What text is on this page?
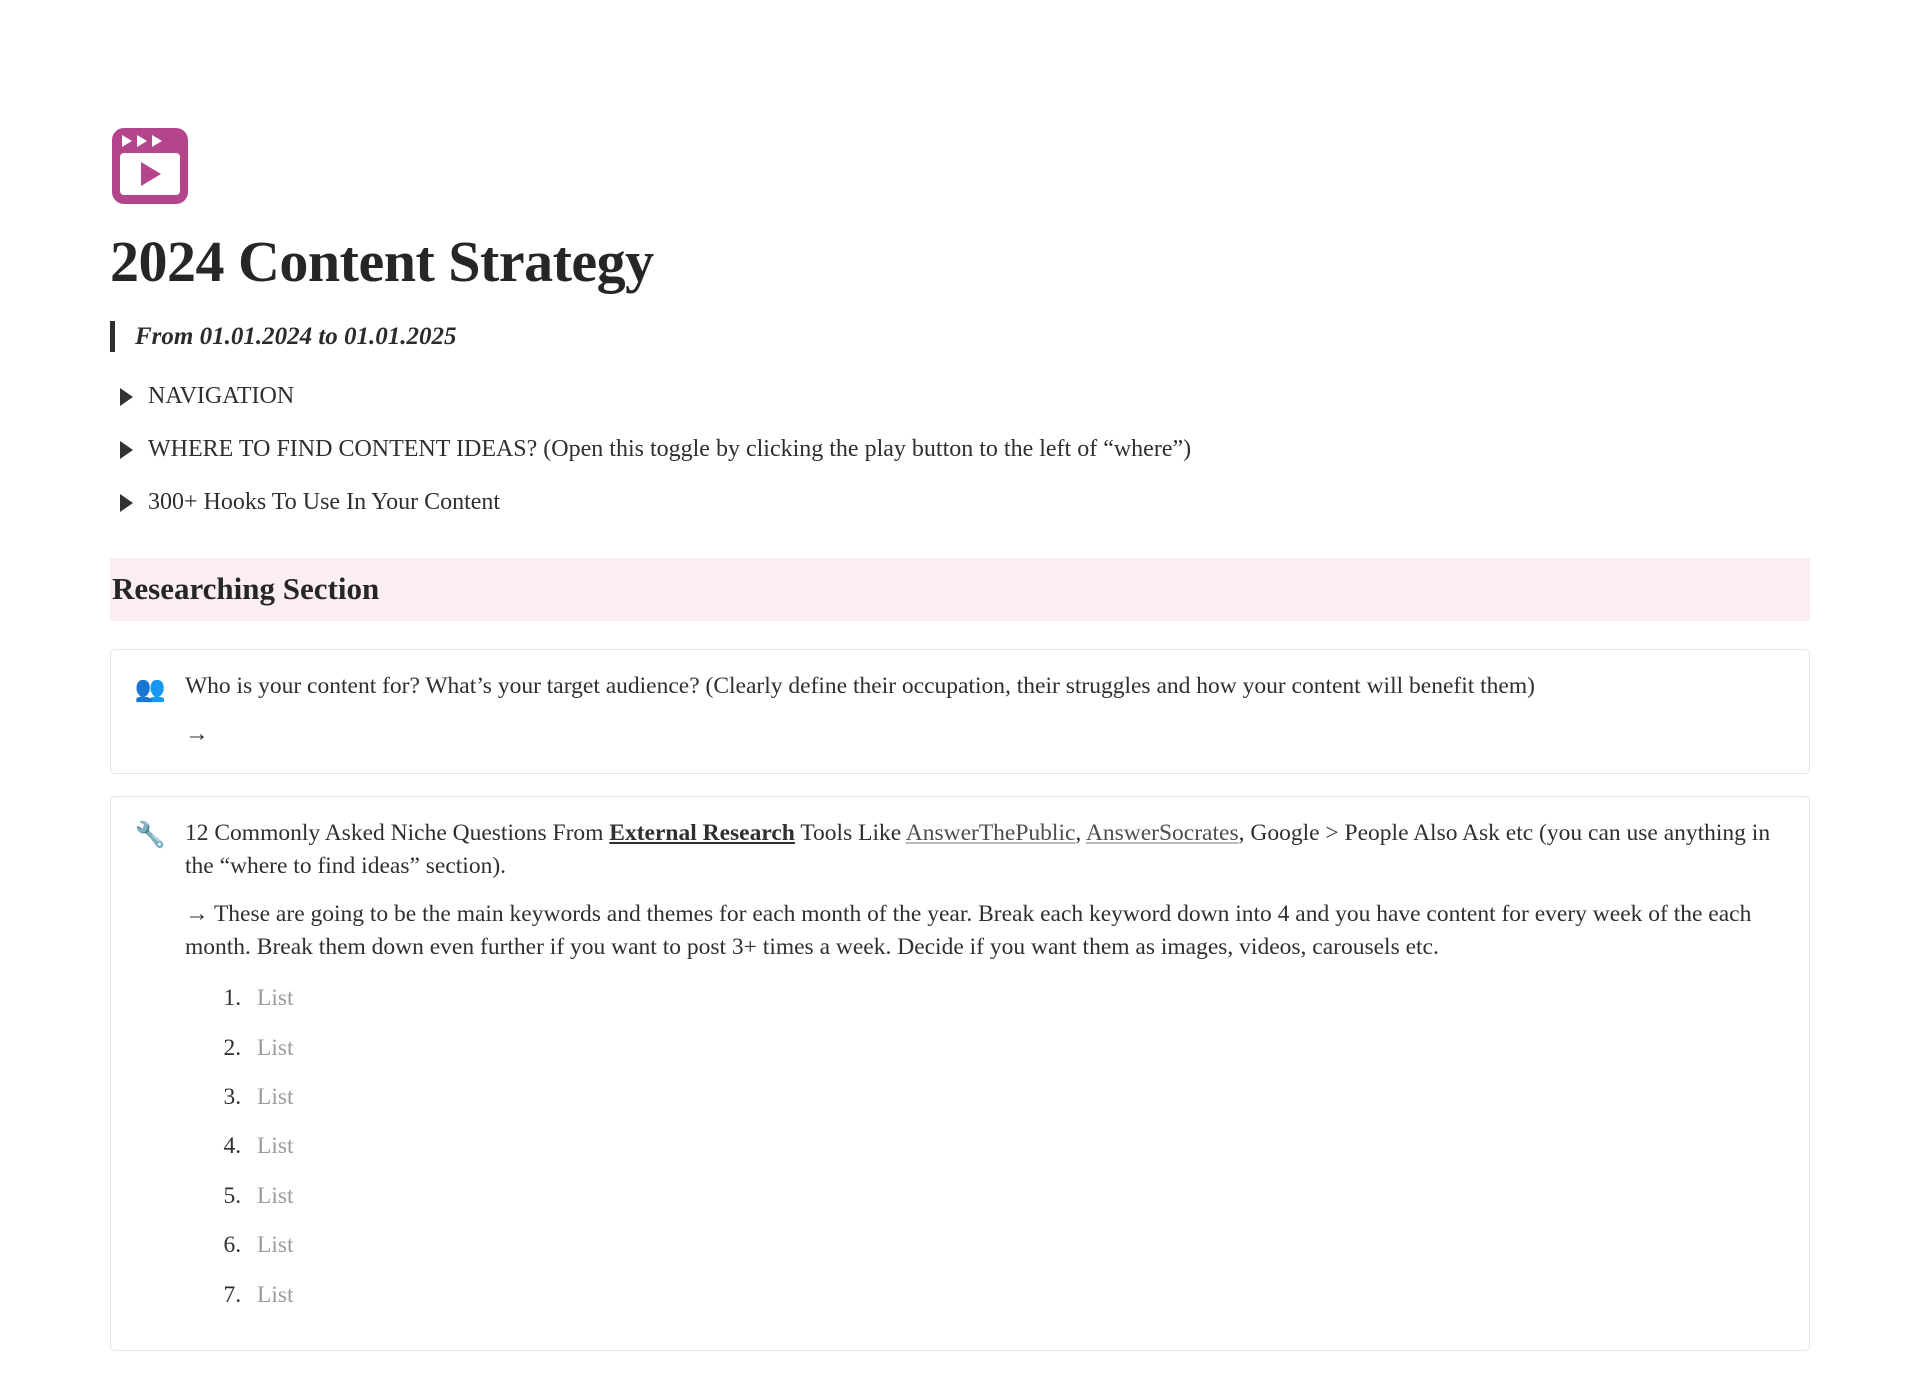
2024 Content Strategy
From 01.01.2024 to 01.01.2025
NAVIGATION
WHERE TO FIND CONTENT IDEAS? (Open this toggle by clicking the play button to the left of “where”)
300+ Hooks To Use In Your Content
Researching Section
👥 Who is your content for? What’s your target audience? (Clearly define their occupation, their struggles and how your content will benefit them)

→

🔧 12 Commonly Asked Niche Questions From External Research Tools Like AnswerThePublic, AnswerSocrates, Google > People Also Ask etc (you can use anything in the “where to find ideas” section).

→ These are going to be the main keywords and themes for each month of the year. Break each keyword down into 4 and you have content for every week of the each month. Break them down even further if you want to post 3+ times a week. Decide if you want them as images, videos, carousels etc.

1. List
2. List
3. List
4. List
5. List
6. List
7. List
